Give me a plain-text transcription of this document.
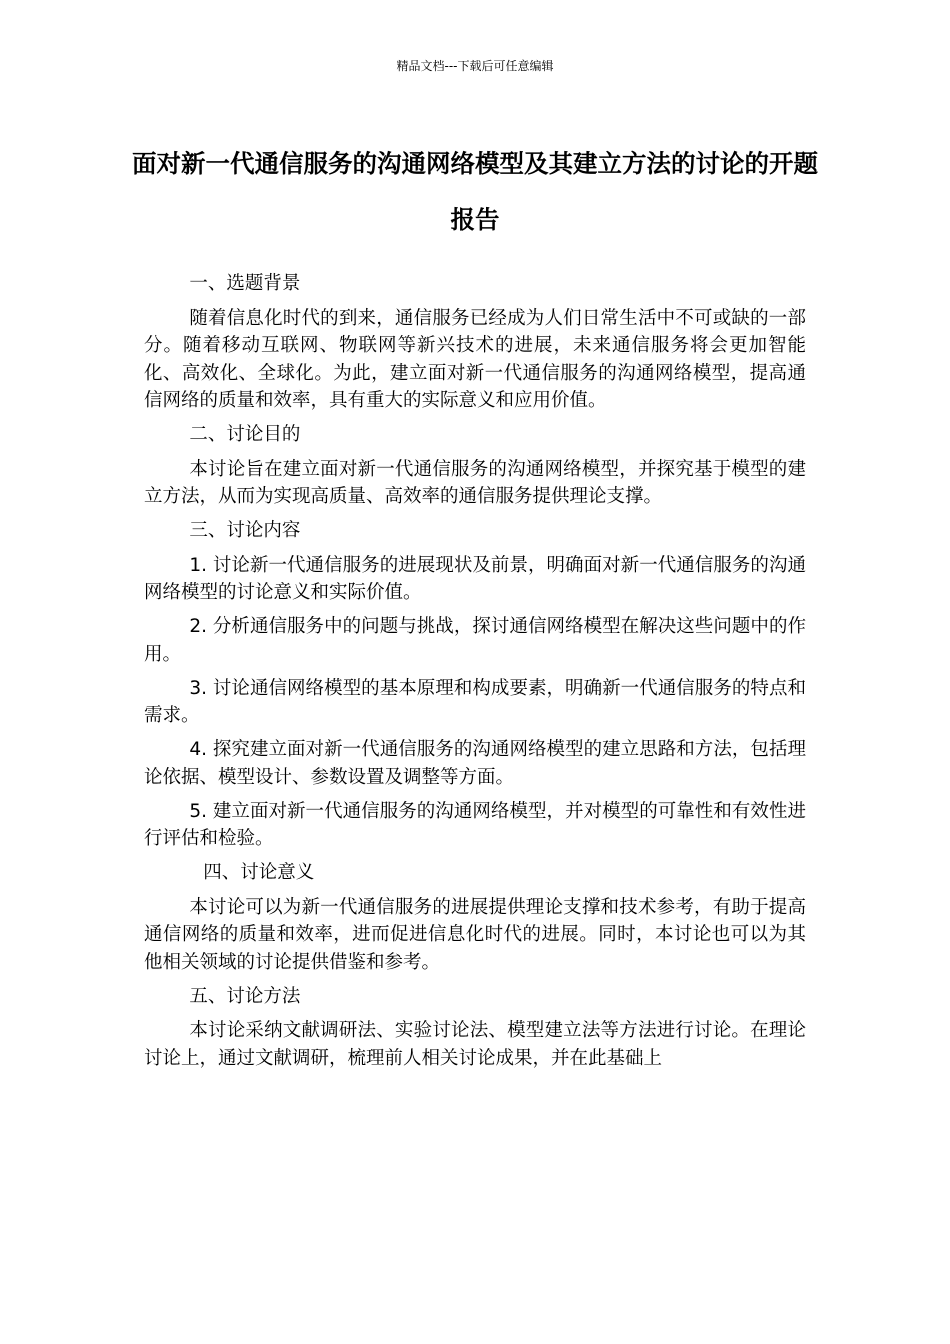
精品文档---下载后可任意编辑
面对新一代通信服务的沟通网络模型及其建立方法的讨论的开题报告

一、选题背景

随着信息化时代的到来，通信服务已经成为人们日常生活中不可或缺的一部分。随着移动互联网、物联网等新兴技术的进展，未来通信服务将会更加智能化、高效化、全球化。为此，建立面对新一代通信服务的沟通网络模型，提高通信网络的质量和效率，具有重大的实际意义和应用价值。

二、讨论目的

本讨论旨在建立面对新一代通信服务的沟通网络模型，并探究基于模型的建立方法，从而为实现高质量、高效率的通信服务提供理论支撑。

三、讨论内容

1. 讨论新一代通信服务的进展现状及前景，明确面对新一代通信服务的沟通网络模型的讨论意义和实际价值。

2. 分析通信服务中的问题与挑战，探讨通信网络模型在解决这些问题中的作用。

3. 讨论通信网络模型的基本原理和构成要素，明确新一代通信服务的特点和需求。

4. 探究建立面对新一代通信服务的沟通网络模型的建立思路和方法，包括理论依据、模型设计、参数设置及调整等方面。

5. 建立面对新一代通信服务的沟通网络模型，并对模型的可靠性和有效性进行评估和检验。

四、讨论意义

本讨论可以为新一代通信服务的进展提供理论支撑和技术参考，有助于提高通信网络的质量和效率，进而促进信息化时代的进展。同时，本讨论也可以为其他相关领域的讨论提供借鉴和参考。

五、讨论方法

本讨论采纳文献调研法、实验讨论法、模型建立法等方法进行讨论。在理论讨论上，通过文献调研，梳理前人相关讨论成果，并在此基础上
